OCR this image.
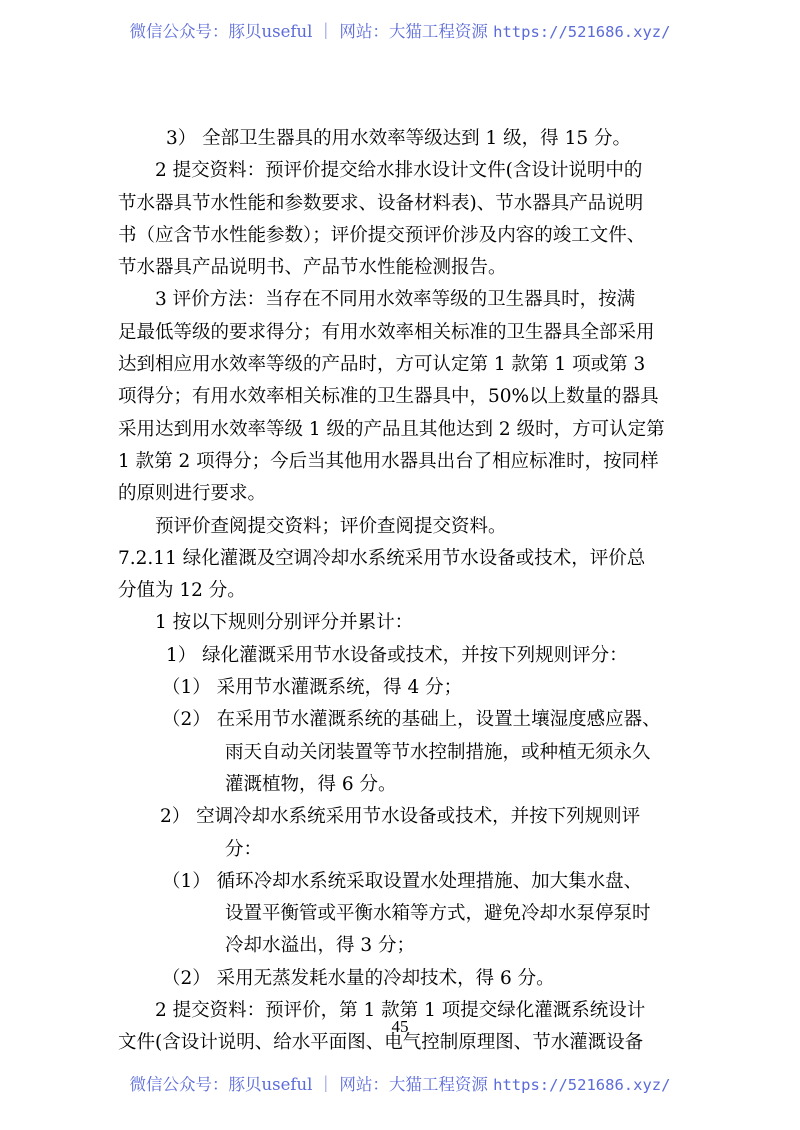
微信公众号：豚贝useful ｜ 网站：大猫工程资源 https://521686.xyz/
3） 全部卫生器具的用水效率等级达到 1 级，得 15 分。
2 提交资料：预评价提交给水排水设计文件(含设计说明中的
节水器具节水性能和参数要求、设备材料表)、节水器具产品说明
书（应含节水性能参数）；评价提交预评价涉及内容的竣工文件、
节水器具产品说明书、产品节水性能检测报告。
3 评价方法：当存在不同用水效率等级的卫生器具时，按满
足最低等级的要求得分；有用水效率相关标准的卫生器具全部采用
达到相应用水效率等级的产品时，方可认定第 1 款第 1 项或第 3
项得分；有用水效率相关标准的卫生器具中，50%以上数量的器具
采用达到用水效率等级 1 级的产品且其他达到 2 级时，方可认定第
1 款第 2 项得分；今后当其他用水器具出台了相应标准时，按同样
的原则进行要求。
预评价查阅提交资料；评价查阅提交资料。
7.2.11 绿化灌溉及空调冷却水系统采用节水设备或技术，评价总
分值为 12 分。
1 按以下规则分别评分并累计：
1） 绿化灌溉采用节水设备或技术，并按下列规则评分：
（1） 采用节水灌溉系统，得 4 分；
（2） 在采用节水灌溉系统的基础上，设置土壤湿度感应器、
雨天自动关闭装置等节水控制措施，或种植无须永久
灌溉植物，得 6 分。
2） 空调冷却水系统采用节水设备或技术，并按下列规则评
分：
（1） 循环冷却水系统采取设置水处理措施、加大集水盘、
设置平衡管或平衡水箱等方式，避免冷却水泵停泵时
冷却水溢出，得 3 分；
（2） 采用无蒸发耗水量的冷却技术，得 6 分。
2 提交资料：预评价，第 1 款第 1 项提交绿化灌溉系统设计
文件(含设计说明、给水平面图、电气控制原理图、节水灌溉设备
45
微信公众号：豚贝useful ｜ 网站：大猫工程资源 https://521686.xyz/
